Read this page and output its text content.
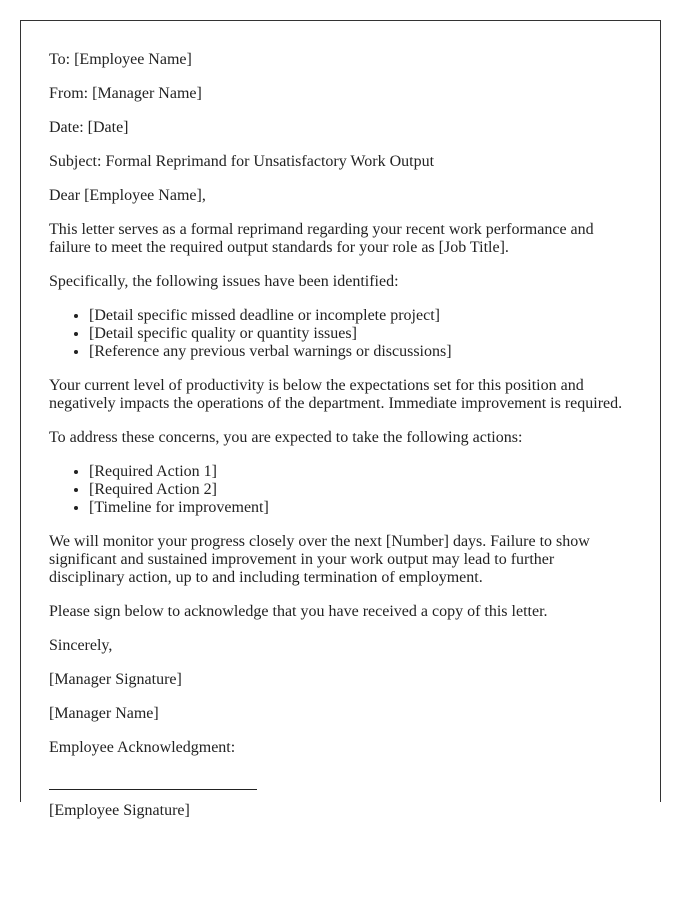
To: [Employee Name]

From: [Manager Name]

Date: [Date]

Subject: Formal Reprimand for Unsatisfactory Work Output

Dear [Employee Name],

This letter serves as a formal reprimand regarding your recent work performance and failure to meet the required output standards for your role as [Job Title].

Specifically, the following issues have been identified:

• [Detail specific missed deadline or incomplete project]
• [Detail specific quality or quantity issues]
• [Reference any previous verbal warnings or discussions]

Your current level of productivity is below the expectations set for this position and negatively impacts the operations of the department. Immediate improvement is required.

To address these concerns, you are expected to take the following actions:

• [Required Action 1]
• [Required Action 2]
• [Timeline for improvement]

We will monitor your progress closely over the next [Number] days. Failure to show significant and sustained improvement in your work output may lead to further disciplinary action, up to and including termination of employment.

Please sign below to acknowledge that you have received a copy of this letter.

Sincerely,

[Manager Signature]

[Manager Name]

Employee Acknowledgment:

[Employee Signature]
